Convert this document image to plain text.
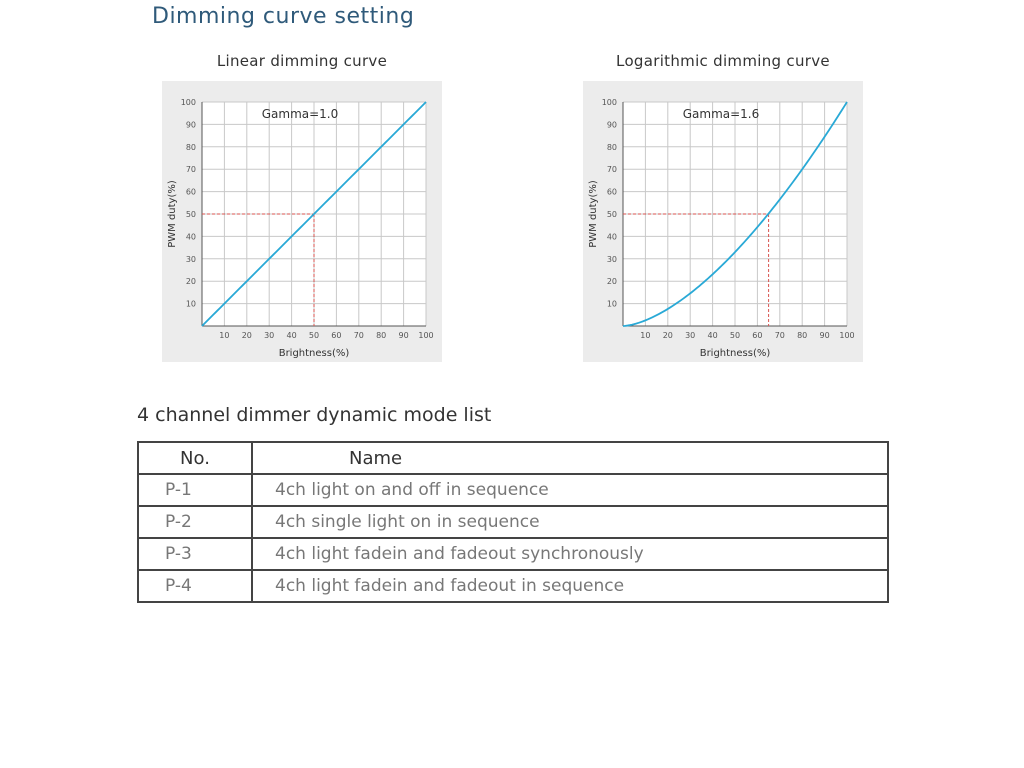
Dimming curve setting
Linear dimming curve
10 20 30 40 50 60 70 80 90 100
10
20
30
40
50
60
70
80
90
100
Brightness(%)
PWM duty(%)
Gamma=1.0
Logarithmic dimming curve
10 20 30 40 50 60 70 80 90 100
10
20
30
40
50
60
70
80
90
100
Brightness(%)
PWM duty(%)
Gamma=1.6
4 channel dimmer dynamic mode list
No.	Name
P-1	4ch light on and off in sequence
P-2	4ch single light on in sequence
P-3	4ch light fadein and fadeout synchronously
P-4	4ch light fadein and fadeout in sequence
